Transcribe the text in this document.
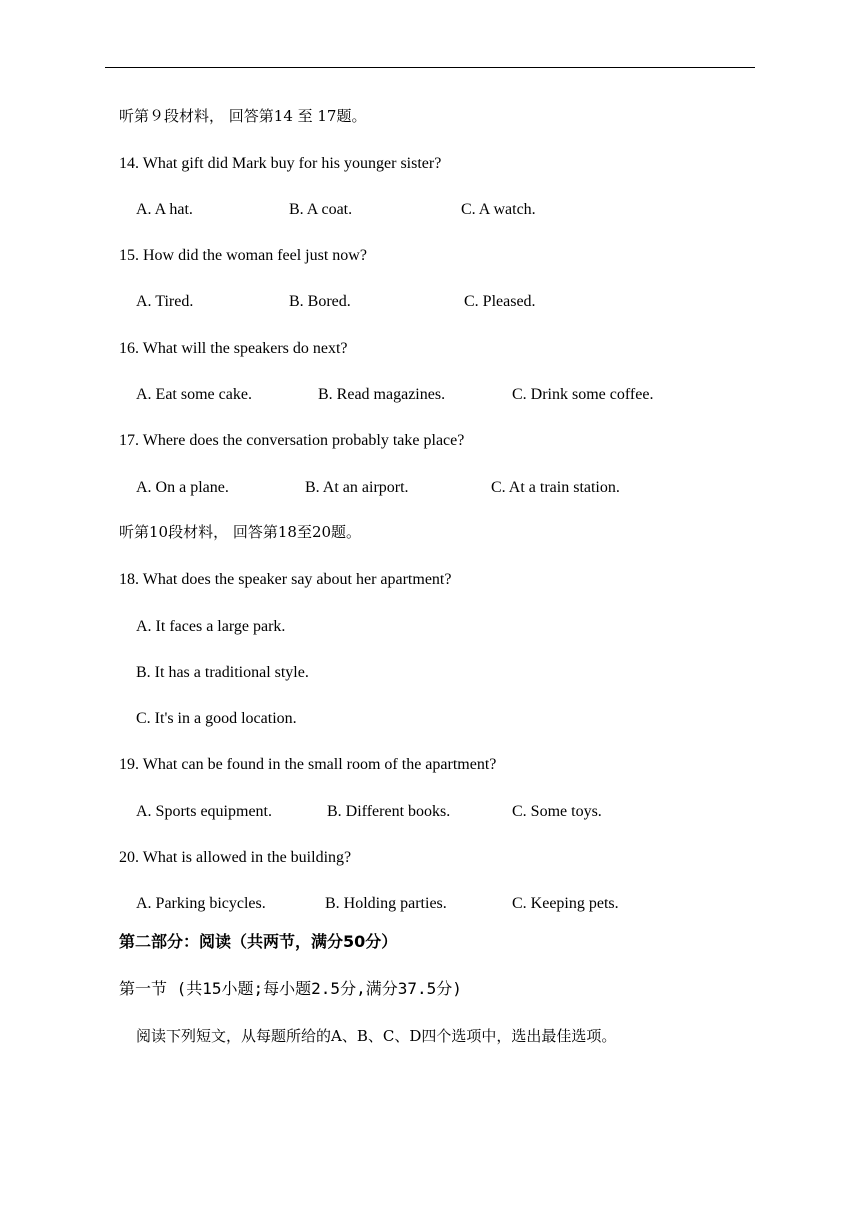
听第９段材料， 回答第14 至 17题。
14. What gift did Mark buy for his younger sister?
A. A hat.	B. A coat.	C. A watch.
15. How did the woman feel just now?
A. Tired.	B. Bored.	C. Pleased.
16. What will the speakers do next?
A. Eat some cake.	B. Read magazines.	C. Drink some coffee.
17. Where does the conversation probably take place?
A. On a plane.	B. At an airport.	C. At a train station.
听第10段材料， 回答第18至20题。
18. What does the speaker say about her apartment?
A. It faces a large park.
B. It has a traditional style.
C. It's in a good location.
19. What can be found in the small room of the apartment?
A. Sports equipment.	B. Different books.	C. Some toys.
20. What is allowed in the building?
A. Parking bicycles.	B. Holding parties.	C. Keeping pets.
第二部分：阅读（共两节，满分50分）
第一节 (共15小题;每小题2.5分,满分37.5分)
阅读下列短文，从每题所给的A、B、C、D四个选项中，选出最佳选项。
